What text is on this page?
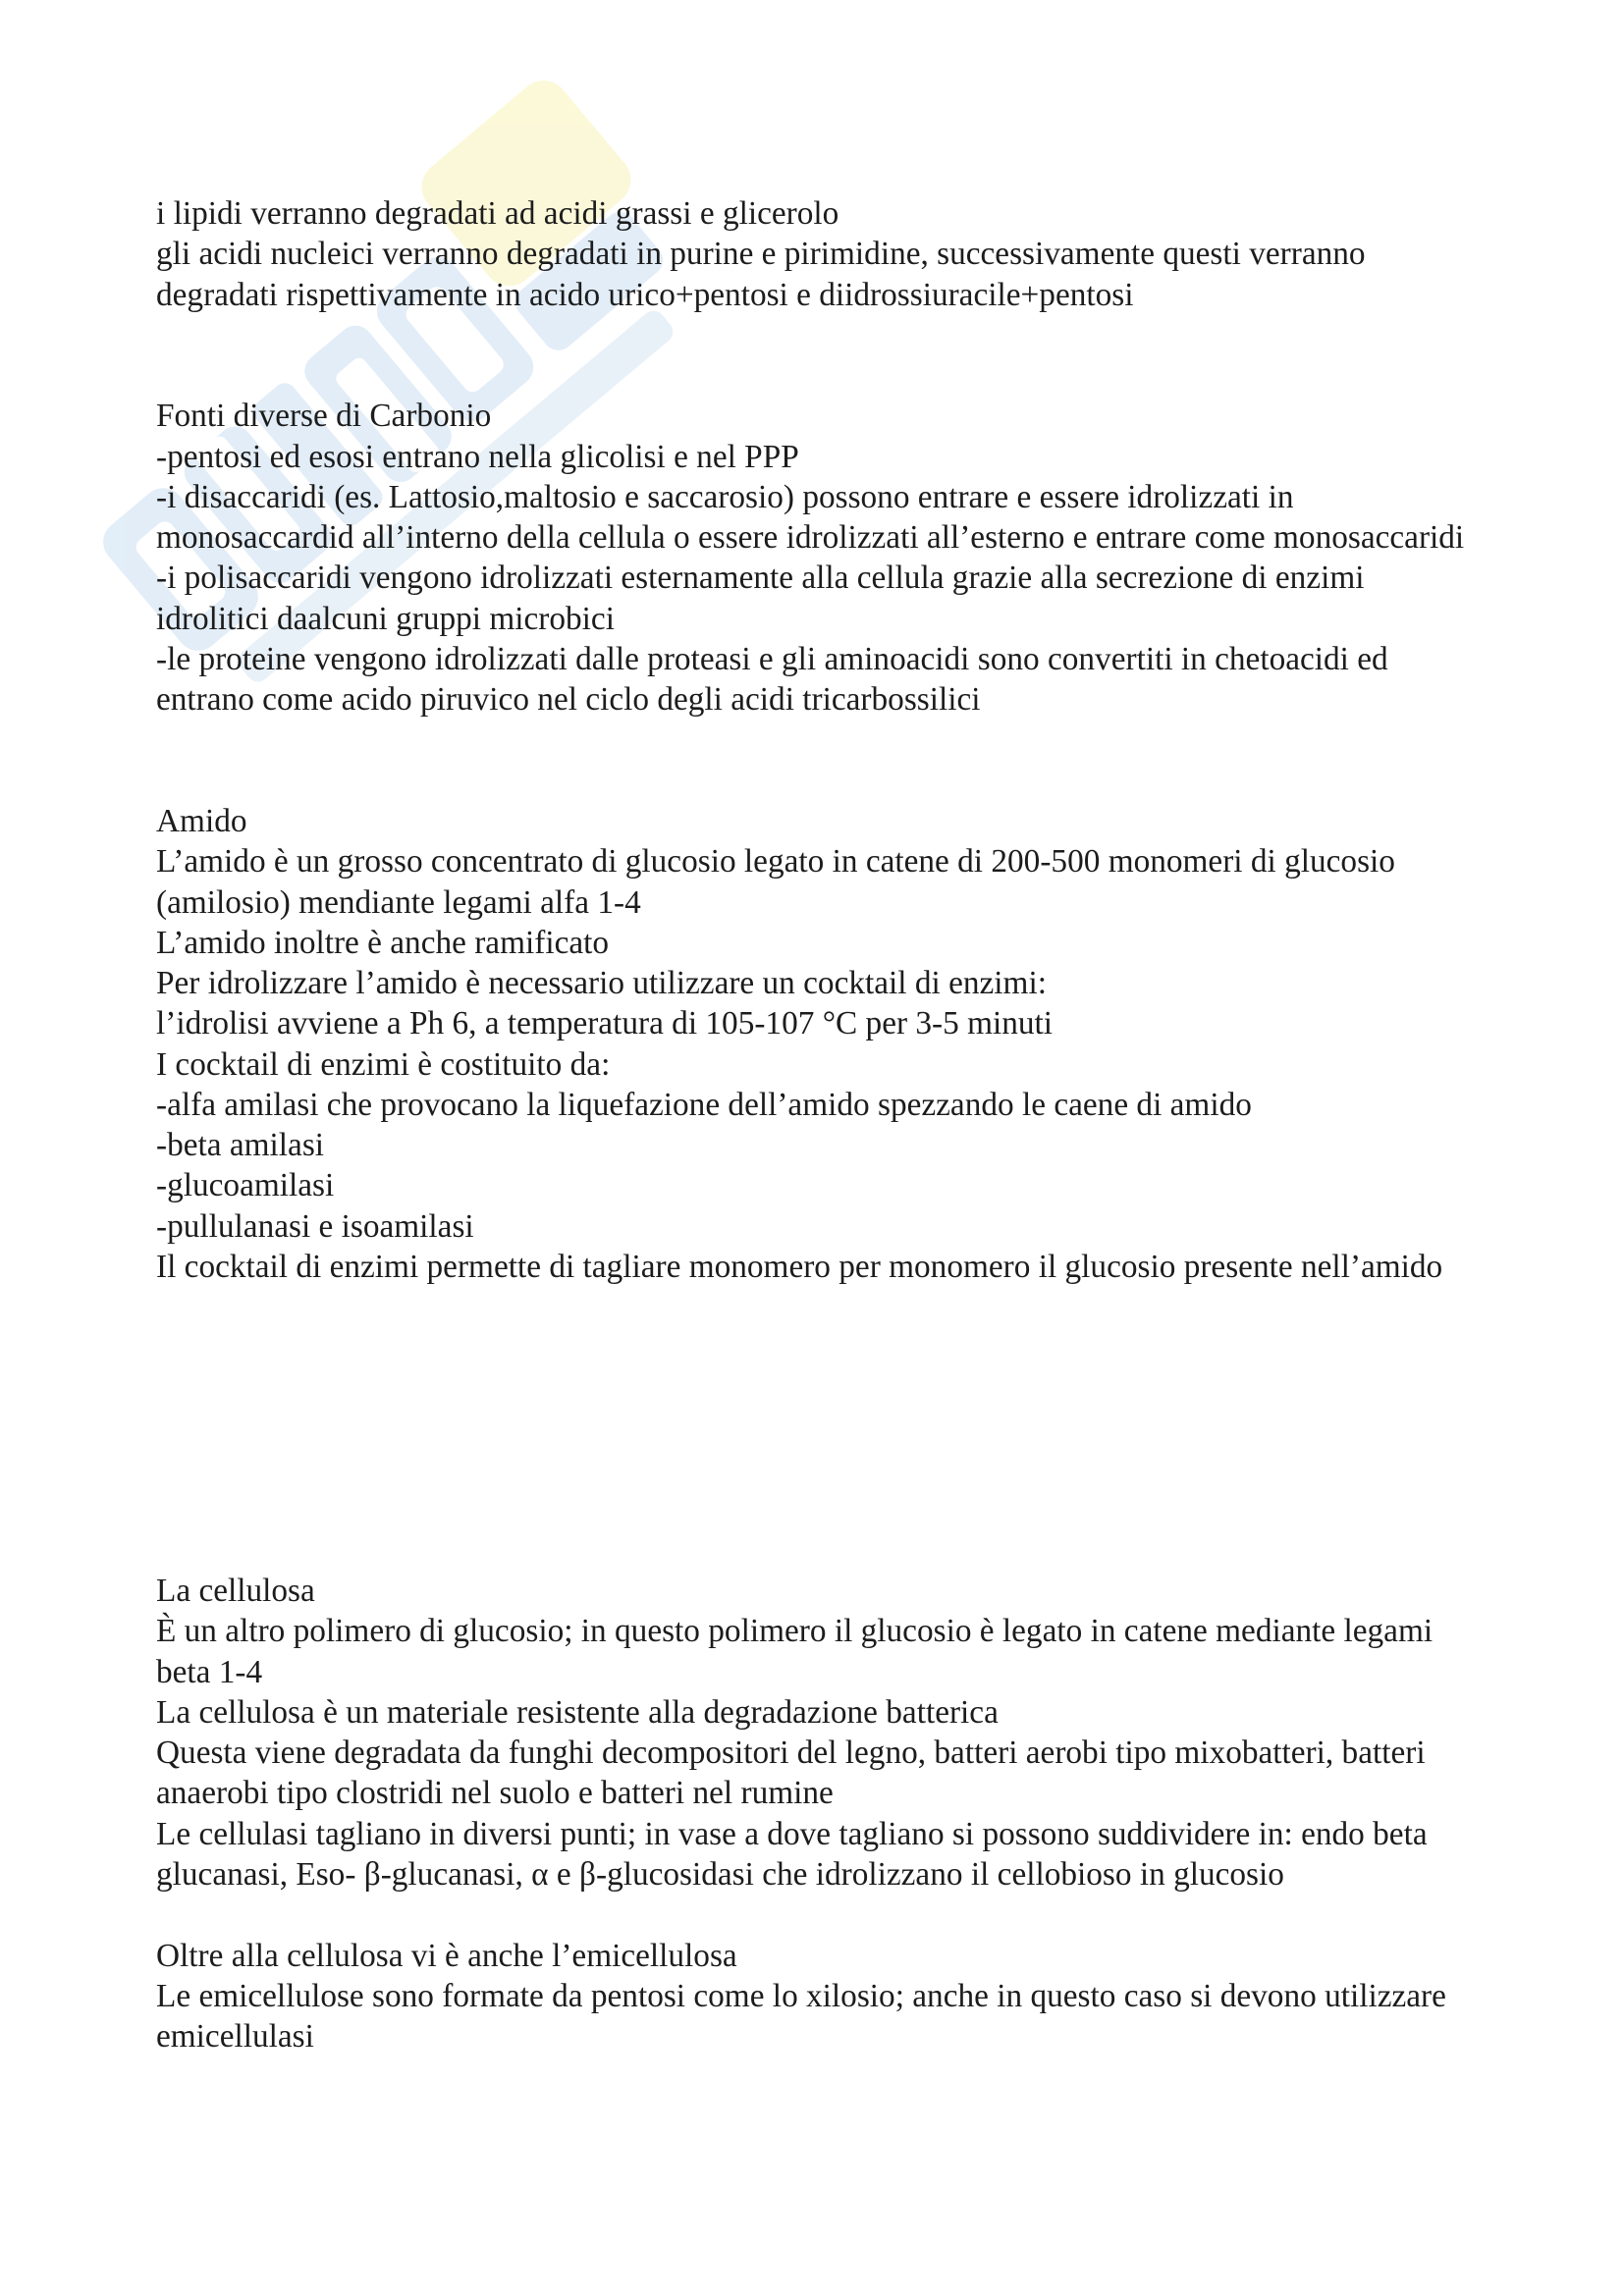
i lipidi verranno degradati ad acidi grassi e glicerolo
gli acidi nucleici verranno degradati in purine e pirimidine, successivamente questi verranno
degradati rispettivamente in acido urico+pentosi e diidrossiuracile+pentosi
Fonti diverse di Carbonio
-pentosi ed esosi entrano nella glicolisi e nel PPP
-i disaccaridi (es. Lattosio,maltosio e saccarosio) possono entrare e essere idrolizzati in
monosaccardid all’interno della cellula o essere idrolizzati all’esterno e entrare come monosaccaridi
-i polisaccaridi vengono idrolizzati esternamente alla cellula grazie alla secrezione di enzimi
idrolitici daalcuni gruppi microbici
-le proteine vengono idrolizzati dalle proteasi e gli aminoacidi sono convertiti in chetoacidi ed
entrano come acido piruvico nel ciclo degli acidi tricarbossilici
Amido
L’amido è un grosso concentrato di glucosio legato in catene di 200-500 monomeri di glucosio
(amilosio) mendiante legami alfa 1-4
L’amido inoltre è anche ramificato
Per idrolizzare l’amido è necessario utilizzare un cocktail di enzimi:
l’idrolisi avviene a Ph 6, a temperatura di 105-107 °C per 3-5 minuti
I cocktail di enzimi è costituito da:
-alfa amilasi che provocano la liquefazione dell’amido spezzando le caene di amido
-beta amilasi
-glucoamilasi
-pullulanasi e isoamilasi
Il cocktail di enzimi permette di tagliare monomero per monomero il glucosio presente nell’amido
La cellulosa
È un altro polimero di glucosio; in questo polimero il glucosio è legato in catene mediante legami
beta 1-4
La cellulosa è un materiale resistente alla degradazione batterica
Questa viene degradata da funghi decompositori del legno, batteri aerobi tipo mixobatteri, batteri
anaerobi tipo clostridi nel suolo e batteri nel rumine
Le cellulasi tagliano in diversi punti; in vase a dove tagliano si possono suddividere in: endo beta
glucanasi, Eso- β-glucanasi, α e β-glucosidasi che idrolizzano il cellobioso in glucosio
Oltre alla cellulosa vi è anche l’emicellulosa
Le emicellulose sono formate da pentosi come lo xilosio; anche in questo caso si devono utilizzare
emicellulasi
